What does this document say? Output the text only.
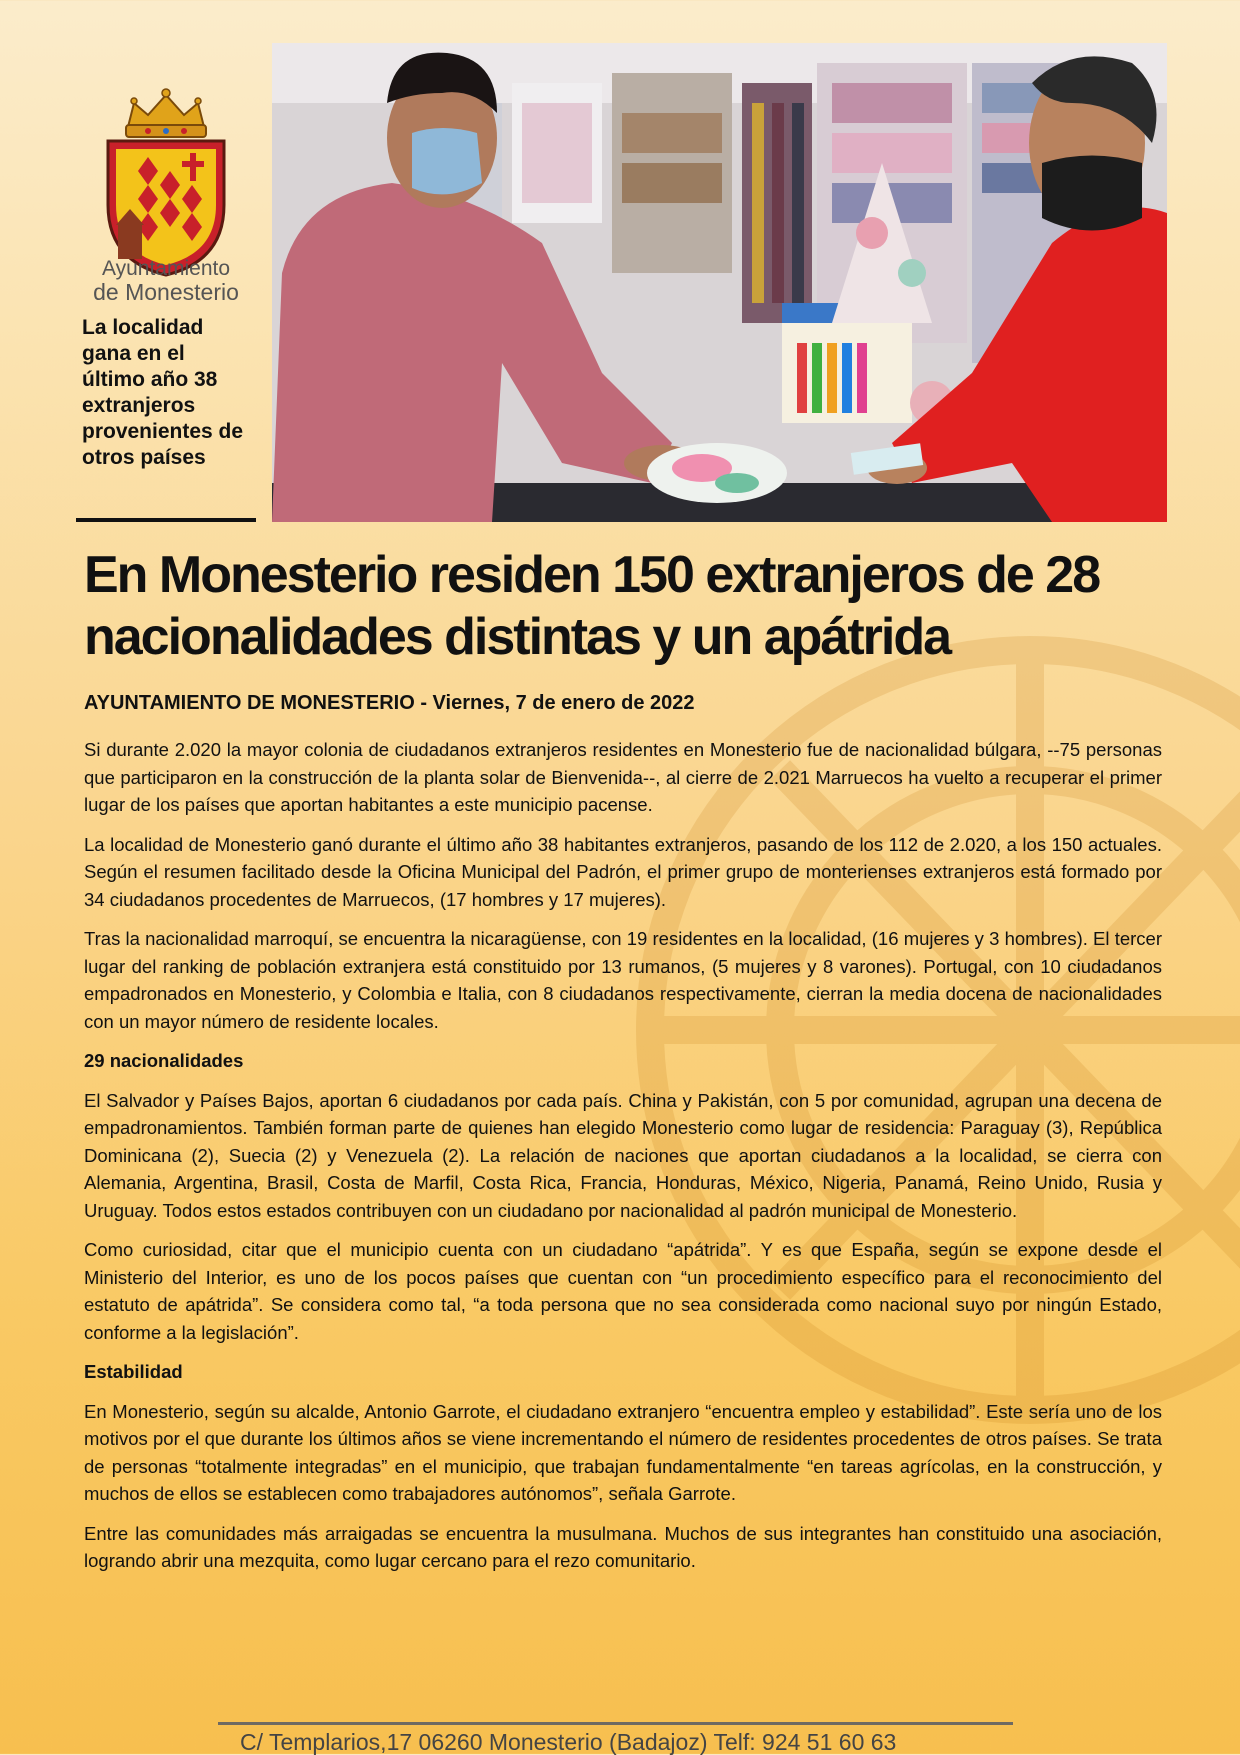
Ayuntamiento
de Monesterio
La localidad gana en el último año 38 extranjeros provenientes de otros países
En Monesterio residen 150 extranjeros de 28 nacionalidades distintas y un apátrida
AYUNTAMIENTO DE MONESTERIO - Viernes, 7 de enero de 2022

Si durante 2.020 la mayor colonia de ciudadanos extranjeros residentes en Monesterio fue de nacionalidad búlgara, --75 personas que participaron en la construcción de la planta solar de Bienvenida--, al cierre de 2.021 Marruecos ha vuelto a recuperar el primer lugar de los países que aportan habitantes a este municipio pacense.

La localidad de Monesterio ganó durante el último año 38 habitantes extranjeros, pasando de los 112 de 2.020, a los 150 actuales. Según el resumen facilitado desde la Oficina Municipal del Padrón, el primer grupo de monterienses extranjeros está formado por 34 ciudadanos procedentes de Marruecos, (17 hombres y 17 mujeres).

Tras la nacionalidad marroquí, se encuentra la nicaragüense, con 19 residentes en la localidad, (16 mujeres y 3 hombres). El tercer lugar del ranking de población extranjera está constituido por 13 rumanos, (5 mujeres y 8 varones). Portugal, con 10 ciudadanos empadronados en Monesterio, y Colombia e Italia, con 8 ciudadanos respectivamente, cierran la media docena de nacionalidades con un mayor número de residente locales.

29 nacionalidades

El Salvador y Países Bajos, aportan 6 ciudadanos por cada país. China y Pakistán, con 5 por comunidad, agrupan una decena de empadronamientos. También forman parte de quienes han elegido Monesterio como lugar de residencia: Paraguay (3), República Dominicana (2), Suecia (2) y Venezuela (2). La relación de naciones que aportan ciudadanos a la localidad, se cierra con Alemania, Argentina, Brasil, Costa de Marfil, Costa Rica, Francia, Honduras, México, Nigeria, Panamá, Reino Unido, Rusia y Uruguay. Todos estos estados contribuyen con un ciudadano por nacionalidad al padrón municipal de Monesterio.

Como curiosidad, citar que el municipio cuenta con un ciudadano “apátrida”. Y es que España, según se expone desde el Ministerio del Interior, es uno de los pocos países que cuentan con “un procedimiento específico para el reconocimiento del estatuto de apátrida”. Se considera como tal, “a toda persona que no sea considerada como nacional suyo por ningún Estado, conforme a la legislación”.

Estabilidad

En Monesterio, según su alcalde, Antonio Garrote, el ciudadano extranjero “encuentra empleo y estabilidad”. Este sería uno de los motivos por el que durante los últimos años se viene incrementando el número de residentes procedentes de otros países. Se trata de personas “totalmente integradas” en el municipio, que trabajan fundamentalmente “en tareas agrícolas, en la construcción, y muchos de ellos se establecen como trabajadores autónomos”, señala Garrote.

Entre las comunidades más arraigadas se encuentra la musulmana. Muchos de sus integrantes han constituido una asociación, logrando abrir una mezquita, como lugar cercano para el rezo comunitario.

C/ Templarios,17 06260 Monesterio (Badajoz) Telf: 924 51 60 63
